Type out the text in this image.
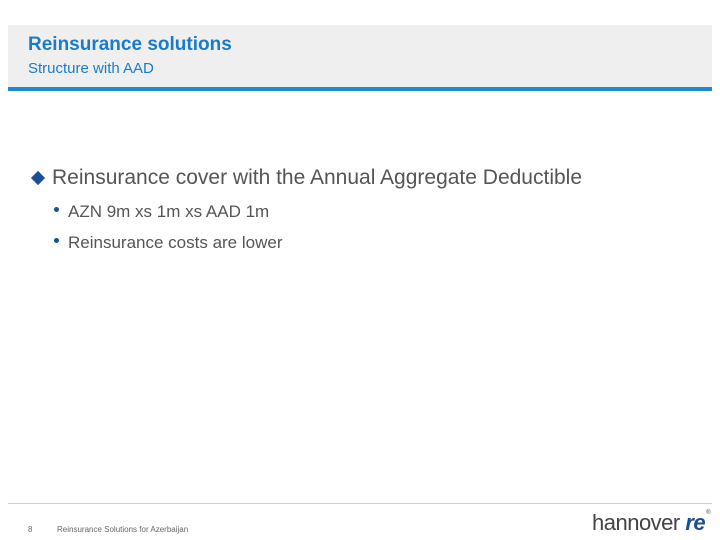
Reinsurance solutions
Structure with AAD
Reinsurance cover with the Annual Aggregate Deductible
AZN 9m xs 1m xs AAD 1m
Reinsurance costs are lower
8	Reinsurance Solutions for Azerbaijan	hannover re®
